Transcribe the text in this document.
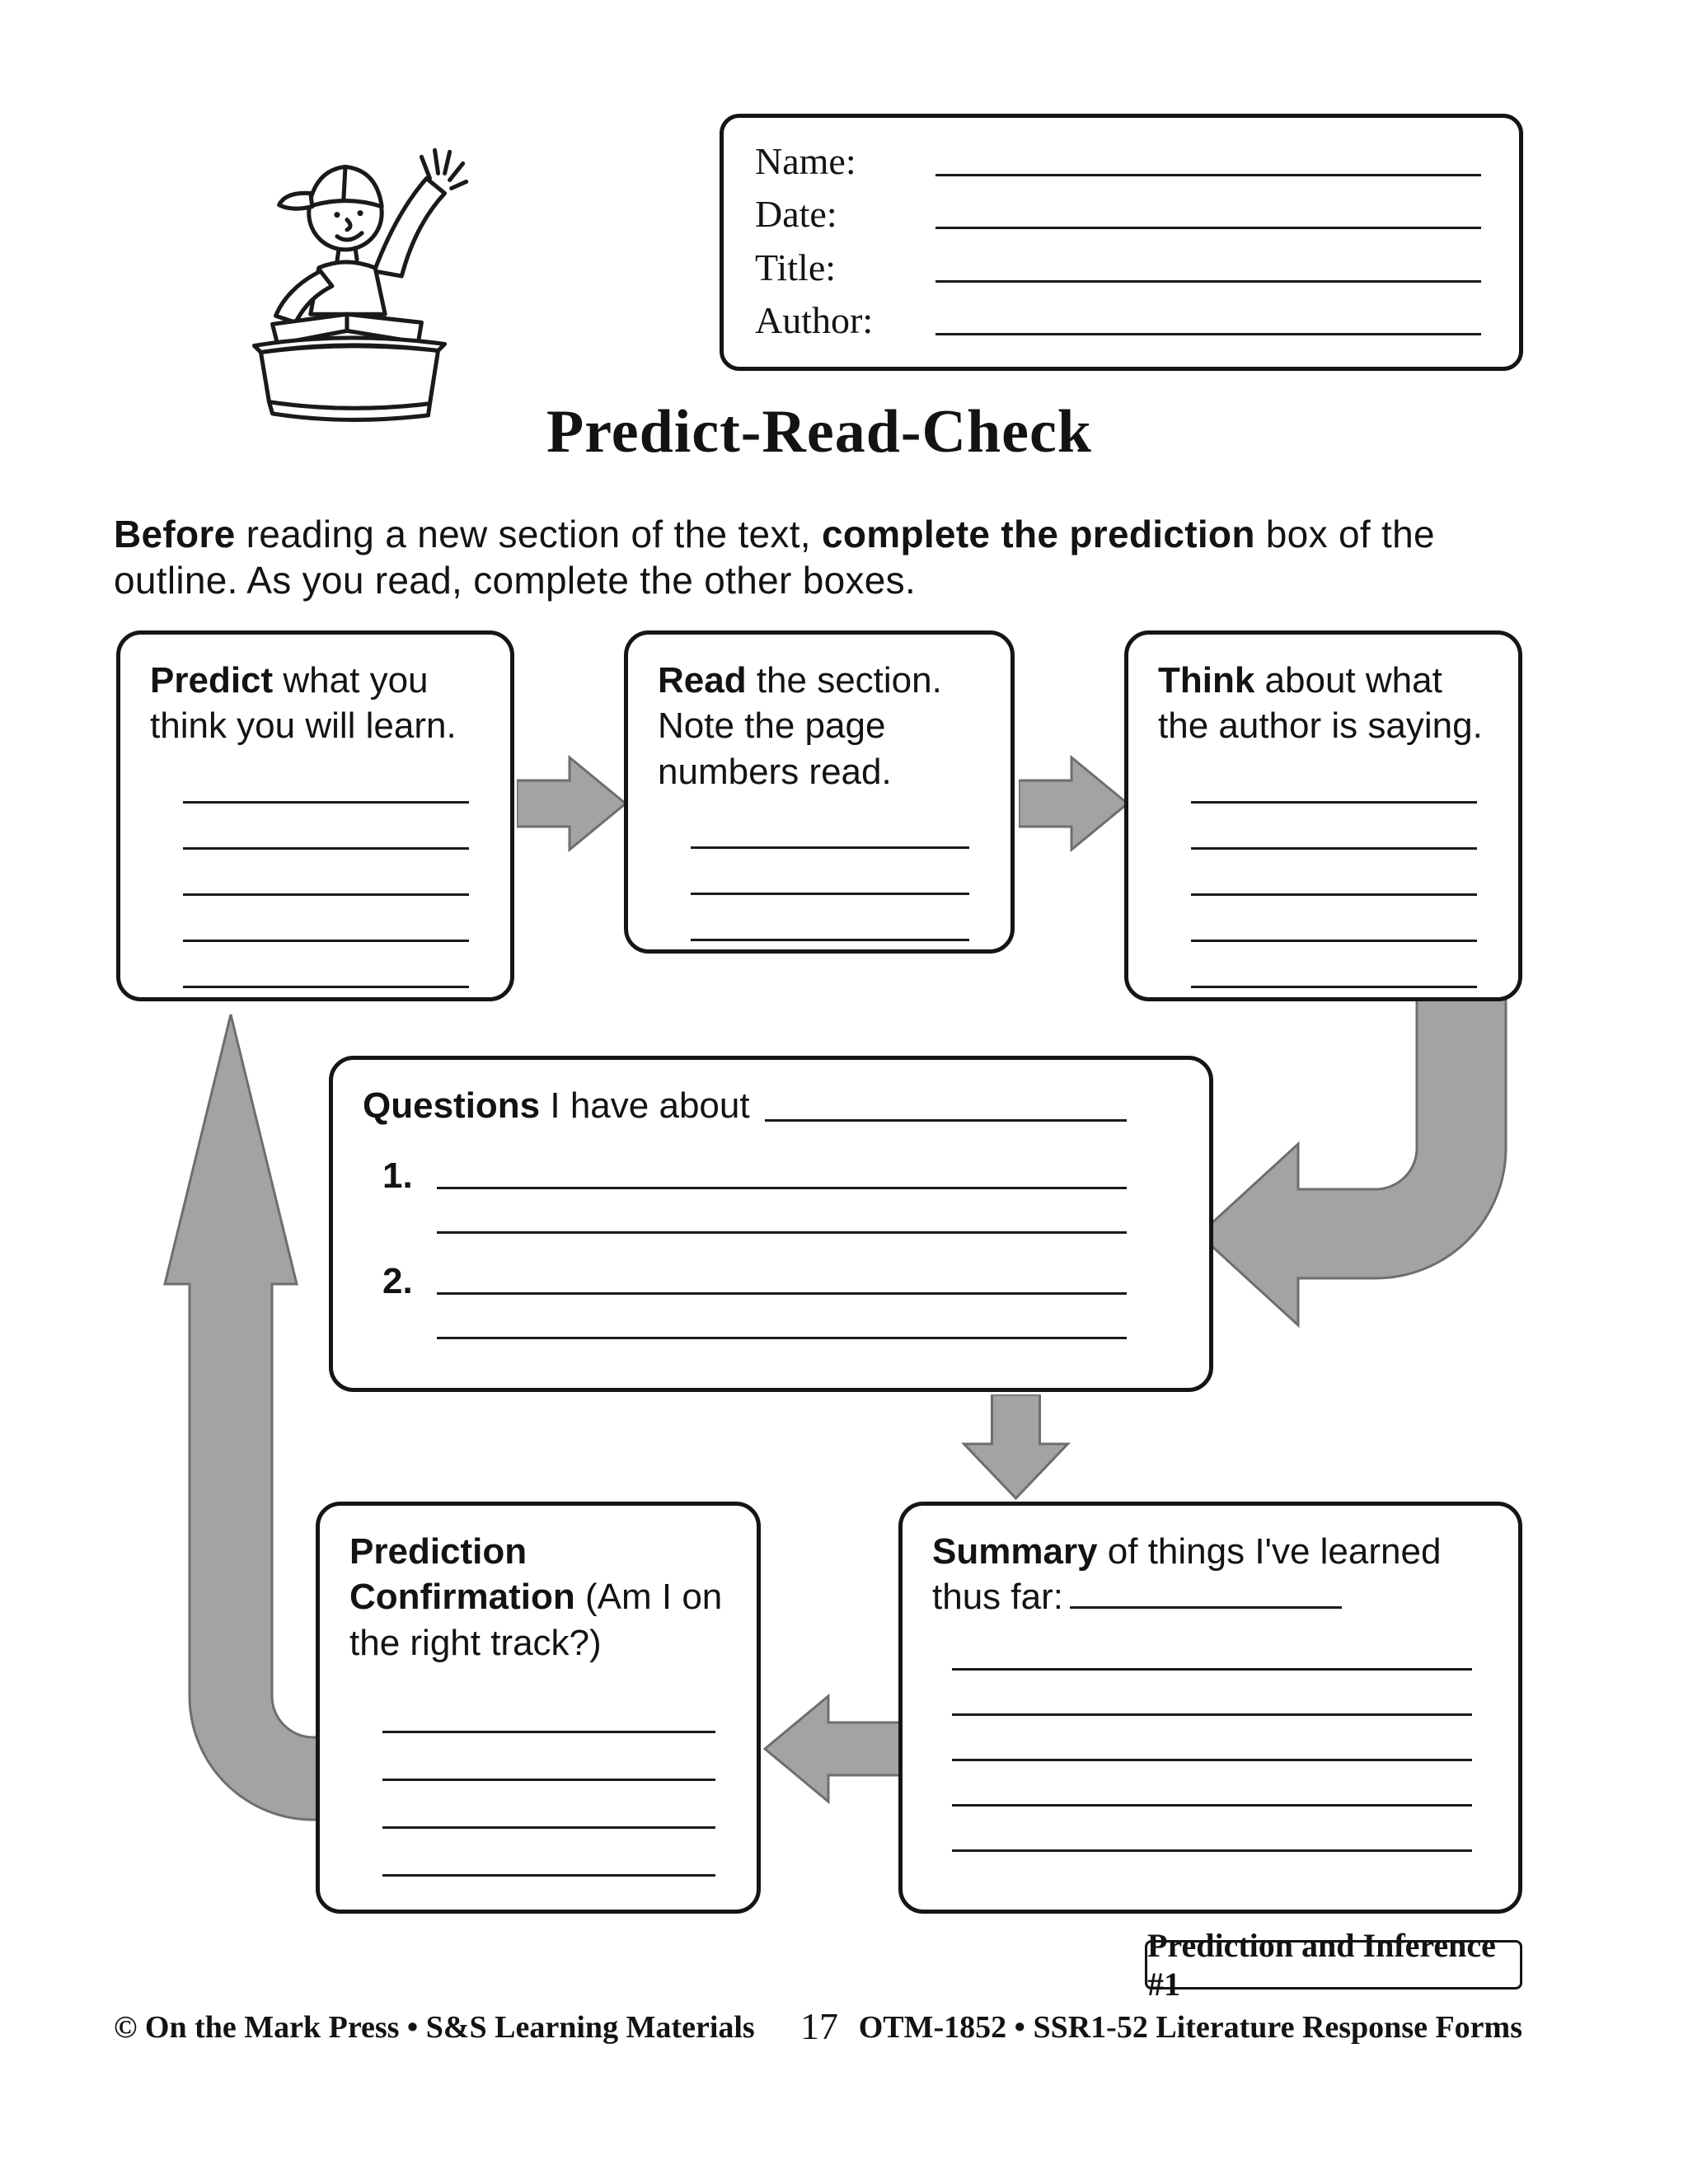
Name:
Date:
Title:
Author:
Predict-Read-Check

Before reading a new section of the text, complete the prediction box of the outline. As you read, complete the other boxes.

Predict what you think you will learn.

Read the section. Note the page numbers read.

Think about what the author is saying.

Questions I have about
1.
2.

Prediction Confirmation (Am I on the right track?)

Summary of things I've learned thus far:

Prediction and Inference #1
© On the Mark Press • S&S Learning Materials	17 OTM-1852 • SSR1-52 Literature Response Forms
